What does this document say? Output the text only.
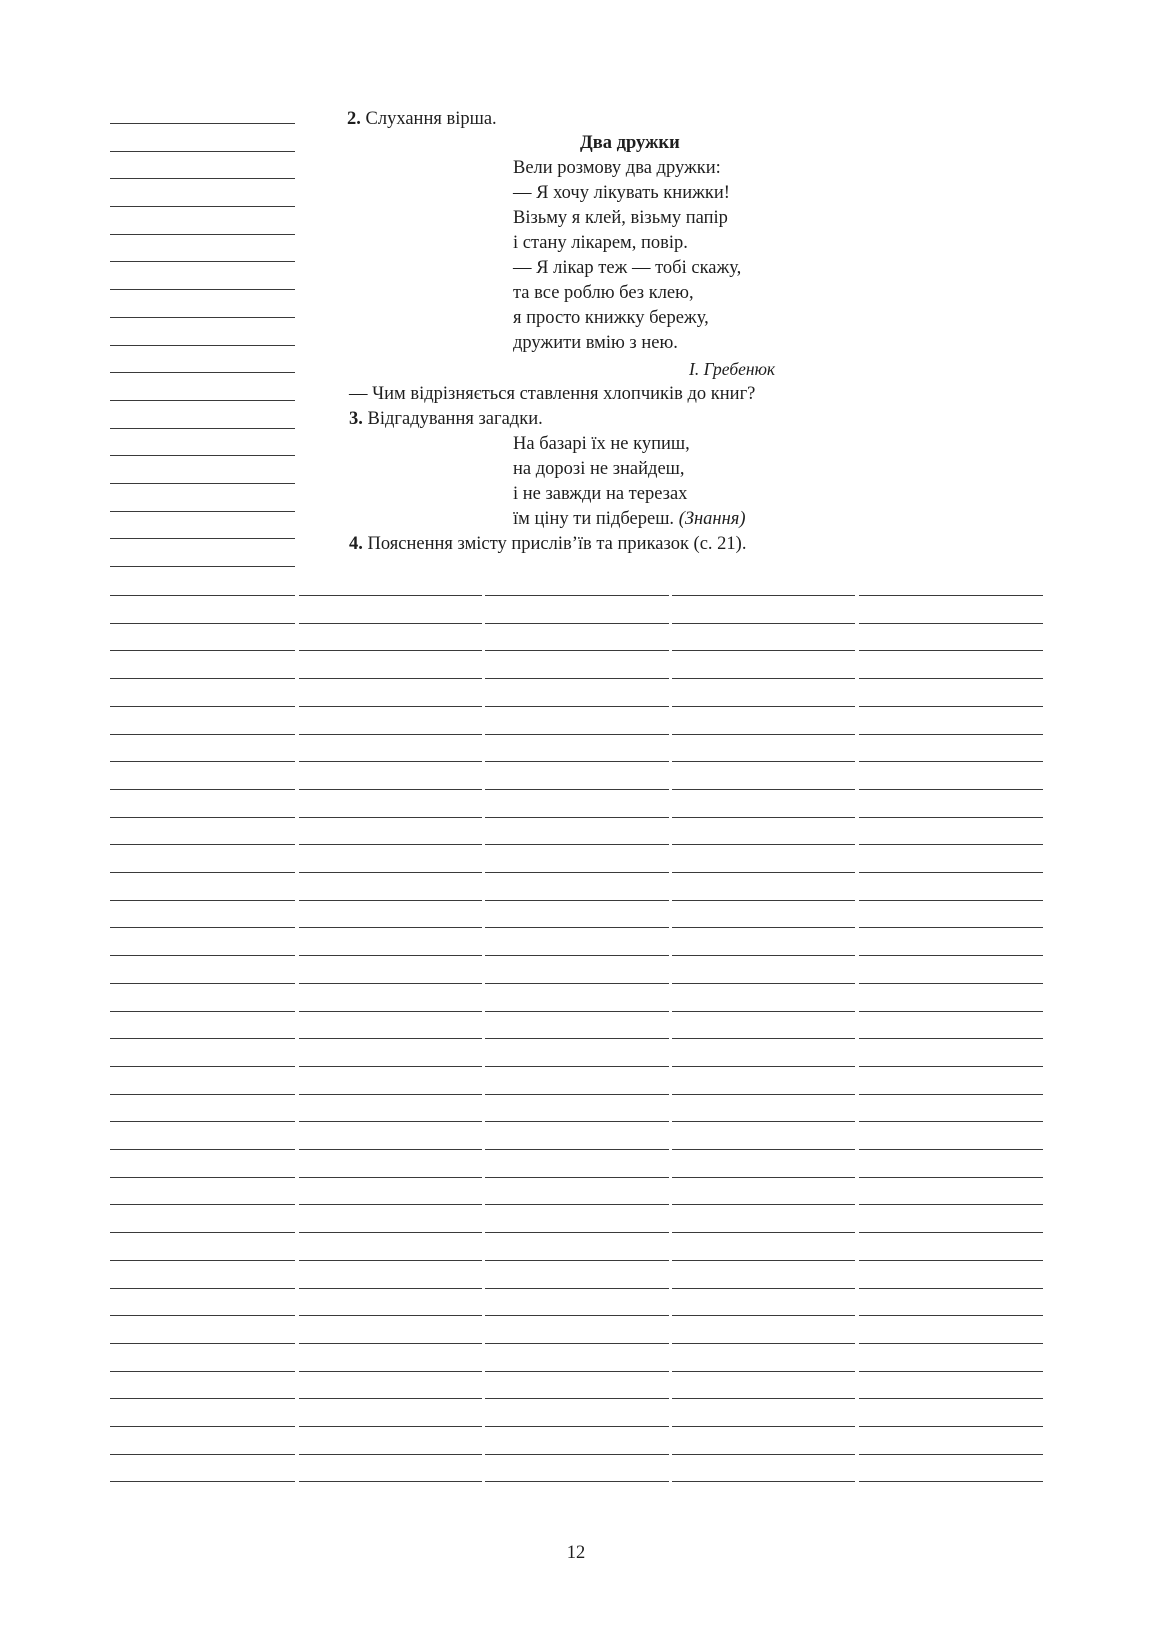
2. Слухання вірша.
Два дружки
Вели розмову два дружки:
— Я хочу лікувать книжки!
Візьму я клей, візьму папір
і стану лікарем, повір.
— Я лікар теж — тобі скажу,
та все роблю без клею,
я просто книжку бережу,
дружити вмію з нею.
І. Гребенюк
— Чим відрізняється ставлення хлопчиків до книг?
3. Відгадування загадки.
На базарі їх не купиш,
на дорозі не знайдеш,
і не завжди на терезах
їм ціну ти підбереш. (Знання)
4. Пояснення змісту прислів’їв та приказок (с. 21).
12
